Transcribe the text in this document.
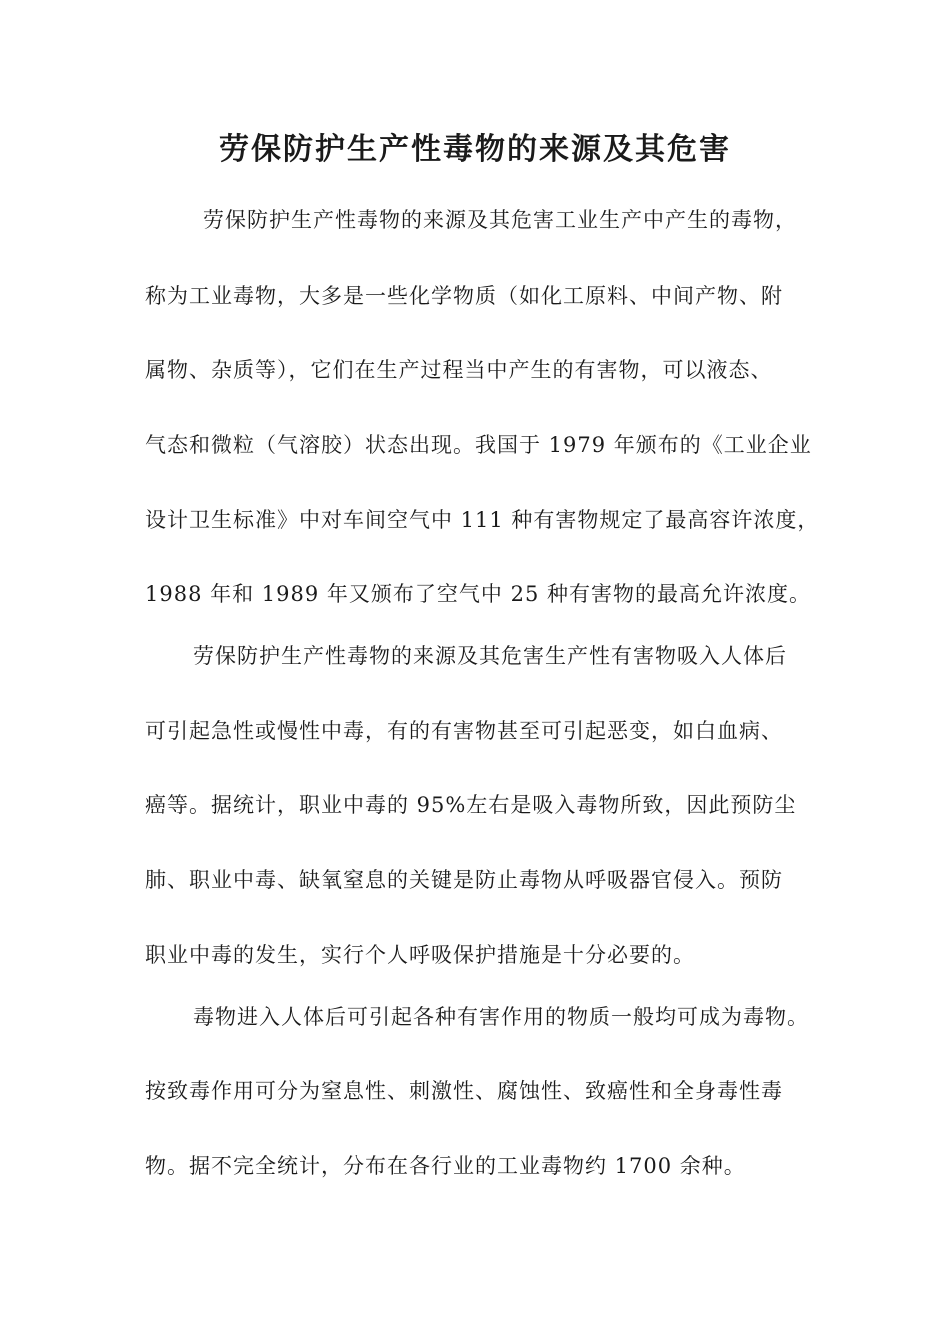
劳保防护生产性毒物的来源及其危害
劳保防护生产性毒物的来源及其危害工业生产中产生的毒物，
称为工业毒物，大多是一些化学物质（如化工原料、中间产物、附
属物、杂质等），它们在生产过程当中产生的有害物，可以液态、
气态和微粒（气溶胶）状态出现。我国于 1979 年颁布的《工业企业
设计卫生标准》中对车间空气中 111 种有害物规定了最高容许浓度，
1988 年和 1989 年又颁布了空气中 25 种有害物的最高允许浓度。
劳保防护生产性毒物的来源及其危害生产性有害物吸入人体后
可引起急性或慢性中毒，有的有害物甚至可引起恶变，如白血病、
癌等。据统计，职业中毒的 95%左右是吸入毒物所致，因此预防尘
肺、职业中毒、缺氧窒息的关键是防止毒物从呼吸器官侵入。预防
职业中毒的发生，实行个人呼吸保护措施是十分必要的。
毒物进入人体后可引起各种有害作用的物质一般均可成为毒物。
按致毒作用可分为窒息性、刺激性、腐蚀性、致癌性和全身毒性毒
物。据不完全统计，分布在各行业的工业毒物约 1700 余种。
